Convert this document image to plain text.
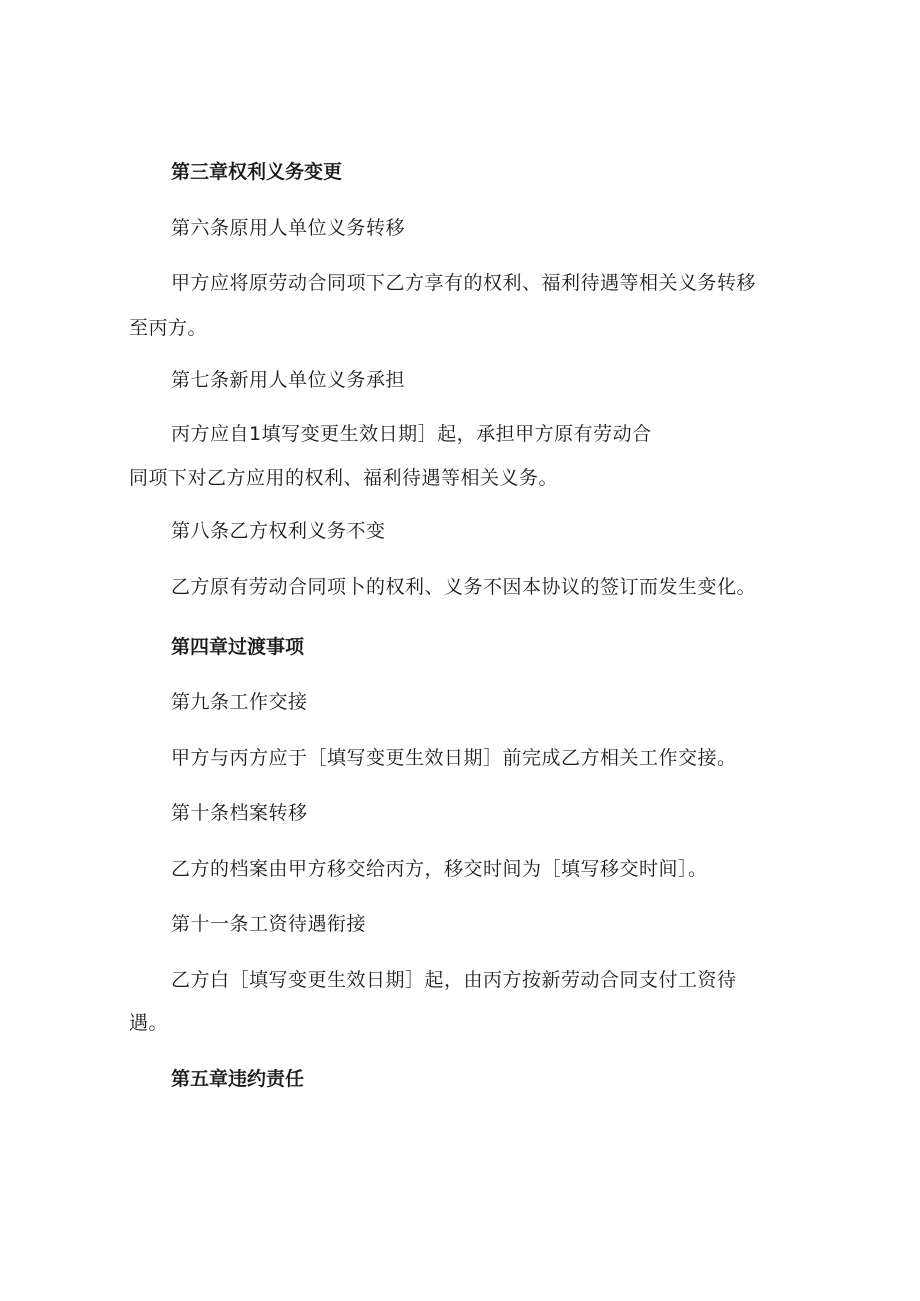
第三章权利义务变更
第六条原用人单位义务转移
甲方应将原劳动合同项下乙方享有的权利、福利待遇等相关义务转移
至丙方。
第七条新用人单位义务承担
丙方应自1填写变更生效日期］起，承担甲方原有劳动合
同项下对乙方应用的权利、福利待遇等相关义务。
第八条乙方权利义务不变
乙方原有劳动合同项卜的权利、义务不因本协议的签订而发生变化。
第四章过渡事项
第九条工作交接
甲方与丙方应于［填写变更生效日期］前完成乙方相关工作交接。
第十条档案转移
乙方的档案由甲方移交给丙方，移交时间为［填写移交时间］。
第十一条工资待遇衔接
乙方白［填写变更生效日期］起，由丙方按新劳动合同支付工资待
遇。
第五章违约责任
